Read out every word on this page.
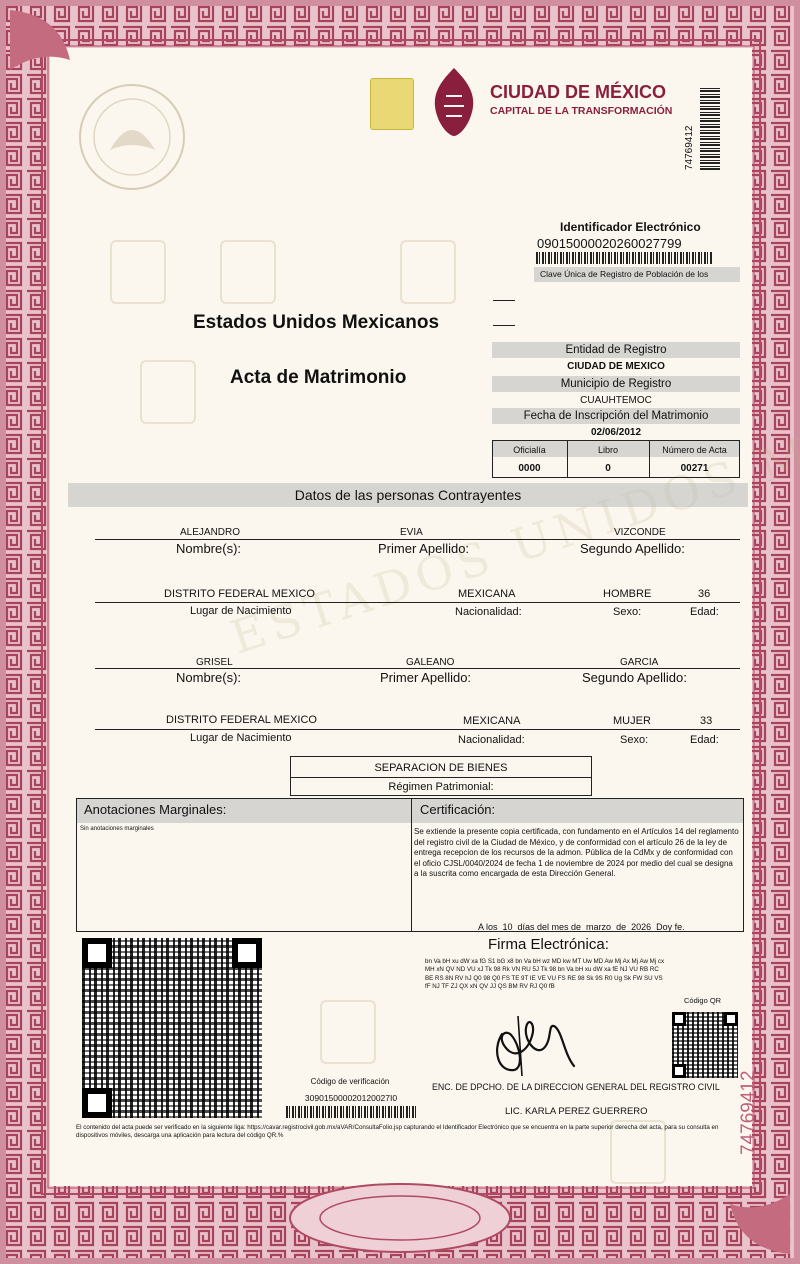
ESTADOS UNIDOS
CIUDAD DE MÉXICO
CAPITAL DE LA TRANSFORMACIÓN
74769412
Identificador Electrónico
09015000020260027799
Clave Única de Registro de Población de los
Estados Unidos Mexicanos
Acta de Matrimonio
Entidad de Registro
CIUDAD DE MEXICO
Municipio de Registro
CUAUHTEMOC
Fecha de Inscripción del Matrimonio
02/06/2012
Oficialía	Libro	Número de Acta
0000	0	00271
Datos de las personas Contrayentes
ALEJANDRO	EVIA	VIZCONDE
Nombre(s):	Primer Apellido:	Segundo Apellido:
DISTRITO FEDERAL MEXICO	MEXICANA	HOMBRE	36
Lugar de Nacimiento	Nacionalidad:	Sexo:	Edad:
GRISEL	GALEANO	GARCIA
Nombre(s):	Primer Apellido:	Segundo Apellido:
DISTRITO FEDERAL MEXICO	MEXICANA	MUJER	33
Lugar de Nacimiento	Nacionalidad:	Sexo:	Edad:
SEPARACION DE BIENES
Régimen Patrimonial:
Anotaciones Marginales:
Sin anotaciones marginales
Certificación:
Se extiende la presente copia certificada, con fundamento en el Artículos 14 del reglamento del registro civil de la Ciudad de México, y de conformidad con el artículo 26 de la ley de entrega recepcion de los recursos de la admon. Pública de la CdMx y de conformidad con el oficio CJSL/0040/2024 de fecha 1 de noviembre de 2024 por medio del cual se designa a la suscrita como encargada de esta Dirección General.
A los  10  días del mes de  marzo  de  2026  Doy fe.
Código de verificación
309015000020120027I0
Firma Electrónica:
bn Va bH xu dW xa fG S1 bG x8 bn Va bH wz MD kw MT Uw MD Aw Mj Ax Mj Aw Mj cx
MH xN QV ND VU xJ Tk 98 Rk VN RU 5J Tk 98 bn Va bH xu dW xa fE NJ VU RB RC
BE RS 8N RV hJ Q0 98 Q0 FS TE 9T IE VE VU FS RE 98 Sk 9S R0 Ug Sk FW SU VS
fF NJ TF ZJ QX xN QV JJ QS BM RV RJ Q0 fB
Código QR
ENC. DE DPCHO. DE LA DIRECCION GENERAL DEL REGISTRO CIVIL
LIC. KARLA PEREZ GUERRERO	74769412
El contenido del acta puede ser verificado en la siguiente liga: https://cavar.registrocivil.gob.mx/aVAR/ConsultaFolio.jsp capturando el Identificador Electrónico que se encuentra en la parte superior derecha del acta, para su consulta en dispositivos móviles, descarga una aplicación para lectura del código QR.%
